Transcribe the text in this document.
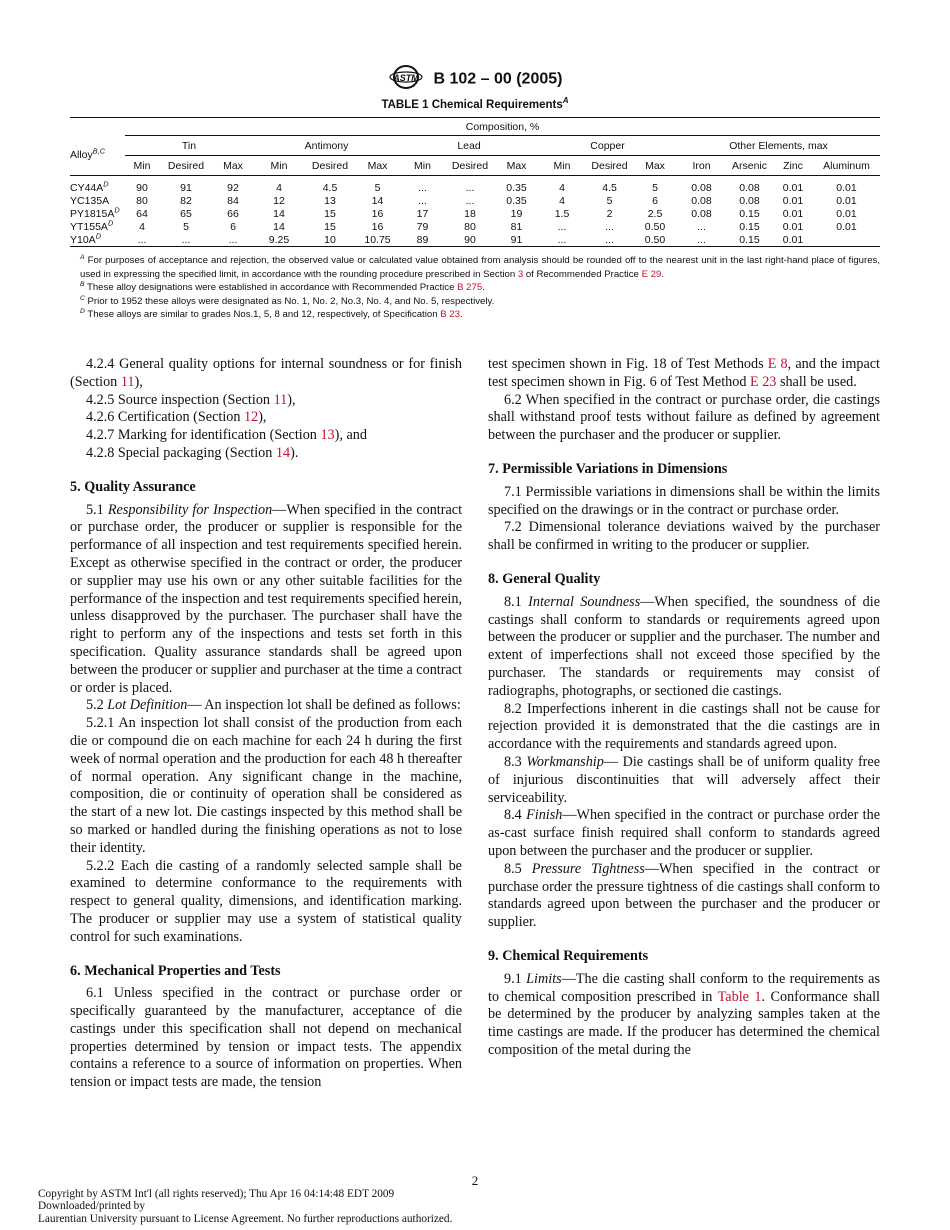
ASTM B 102 – 00 (2005)
TABLE 1 Chemical Requirements$^A$
	Composition, %															
Alloy$^{B,C}$	Tin			Antimony			Lead			Copper			Other Elements, max			
	Min	Desired	Max	Min	Desired	Max	Min	Desired	Max	Min	Desired	Max	Iron	Arsenic	Zinc	Aluminum
CY44A$^D$	90	91	92	4	4.5	5	...	...	0.35	4	4.5	5	0.08	0.08	0.01	0.01
YC135A	80	82	84	12	13	14	...	...	0.35	4	5	6	0.08	0.08	0.01	0.01
PY1815A$^D$	64	65	66	14	15	16	17	18	19	1.5	2	2.5	0.08	0.15	0.01	0.01
YT155A$^D$	4	5	6	14	15	16	79	80	81	...	...	0.50	...	0.15	0.01	0.01
Y10A$^D$	...	...	...	9.25	10	10.75	89	90	91	...	...	0.50	...	0.15	0.01	

$^A$ For purposes of acceptance and rejection, the observed value or calculated value obtained from analysis should be rounded off to the nearest unit in the last right-hand place of figures, used in expressing the specified limit, in accordance with the rounding procedure prescribed in Section 3 of Recommended Practice E 29.

$^B$ These alloy designations were established in accordance with Recommended Practice B 275.

$^C$ Prior to 1952 these alloys were designated as No. 1, No. 2, No.3, No. 4, and No. 5, respectively.

$^D$ These alloys are similar to grades Nos.1, 5, 8 and 12, respectively, of Specification B 23.

4.2.4 General quality options for internal soundness or for finish (Section 11),

4.2.5 Source inspection (Section 11),

4.2.6 Certification (Section 12),

4.2.7 Marking for identification (Section 13), and

4.2.8 Special packaging (Section 14).

5. Quality Assurance

5.1 Responsibility for Inspection—When specified in the contract or purchase order, the producer or supplier is responsible for the performance of all inspection and test requirements specified herein. Except as otherwise specified in the contract or order, the producer or supplier may use his own or any other suitable facilities for the performance of the inspection and test requirements specified herein, unless disapproved by the purchaser. The purchaser shall have the right to perform any of the inspections and tests set forth in this specification. Quality assurance standards shall be agreed upon between the producer or supplier and purchaser at the time a contract or order is placed.

5.2 Lot Definition— An inspection lot shall be defined as follows:

5.2.1 An inspection lot shall consist of the production from each die or compound die on each machine for each 24 h during the first week of normal operation and the production for each 48 h thereafter of normal operation. Any significant change in the machine, composition, die or continuity of operation shall be considered as the start of a new lot. Die castings inspected by this method shall be so marked or handled during the finishing operations as not to lose their identity.

5.2.2 Each die casting of a randomly selected sample shall be examined to determine conformance to the requirements with respect to general quality, dimensions, and identification marking. The producer or supplier may use a system of statistical quality control for such examinations.

6. Mechanical Properties and Tests

6.1 Unless specified in the contract or purchase order or specifically guaranteed by the manufacturer, acceptance of die castings under this specification shall not depend on mechanical properties determined by tension or impact tests. The appendix contains a reference to a source of information on properties. When tension or impact tests are made, the tension

test specimen shown in Fig. 18 of Test Methods E 8, and the impact test specimen shown in Fig. 6 of Test Method E 23 shall be used.

6.2 When specified in the contract or purchase order, die castings shall withstand proof tests without failure as defined by agreement between the purchaser and the producer or supplier.

7. Permissible Variations in Dimensions

7.1 Permissible variations in dimensions shall be within the limits specified on the drawings or in the contract or purchase order.

7.2 Dimensional tolerance deviations waived by the purchaser shall be confirmed in writing to the producer or supplier.

8. General Quality

8.1 Internal Soundness—When specified, the soundness of die castings shall conform to standards or requirements agreed upon between the producer or supplier and the purchaser. The number and extent of imperfections shall not exceed those specified by the purchaser. The standards or requirements may consist of radiographs, photographs, or sectioned die castings.

8.2 Imperfections inherent in die castings shall not be cause for rejection provided it is demonstrated that the die castings are in accordance with the requirements and standards agreed upon.

8.3 Workmanship— Die castings shall be of uniform quality free of injurious discontinuities that will adversely affect their serviceability.

8.4 Finish—When specified in the contract or purchase order the as-cast surface finish required shall conform to standards agreed upon between the purchaser and the producer or supplier.

8.5 Pressure Tightness—When specified in the contract or purchase order the pressure tightness of die castings shall conform to standards agreed upon between the purchaser and the producer or supplier.

9. Chemical Requirements

9.1 Limits—The die casting shall conform to the requirements as to chemical composition prescribed in Table 1. Conformance shall be determined by the producer by analyzing samples taken at the time castings are made. If the producer has determined the chemical composition of the metal during the

2
Copyright by ASTM Int'l (all rights reserved); Thu Apr 16 04:14:48 EDT 2009
Downloaded/printed by
Laurentian University pursuant to License Agreement. No further reproductions authorized.
